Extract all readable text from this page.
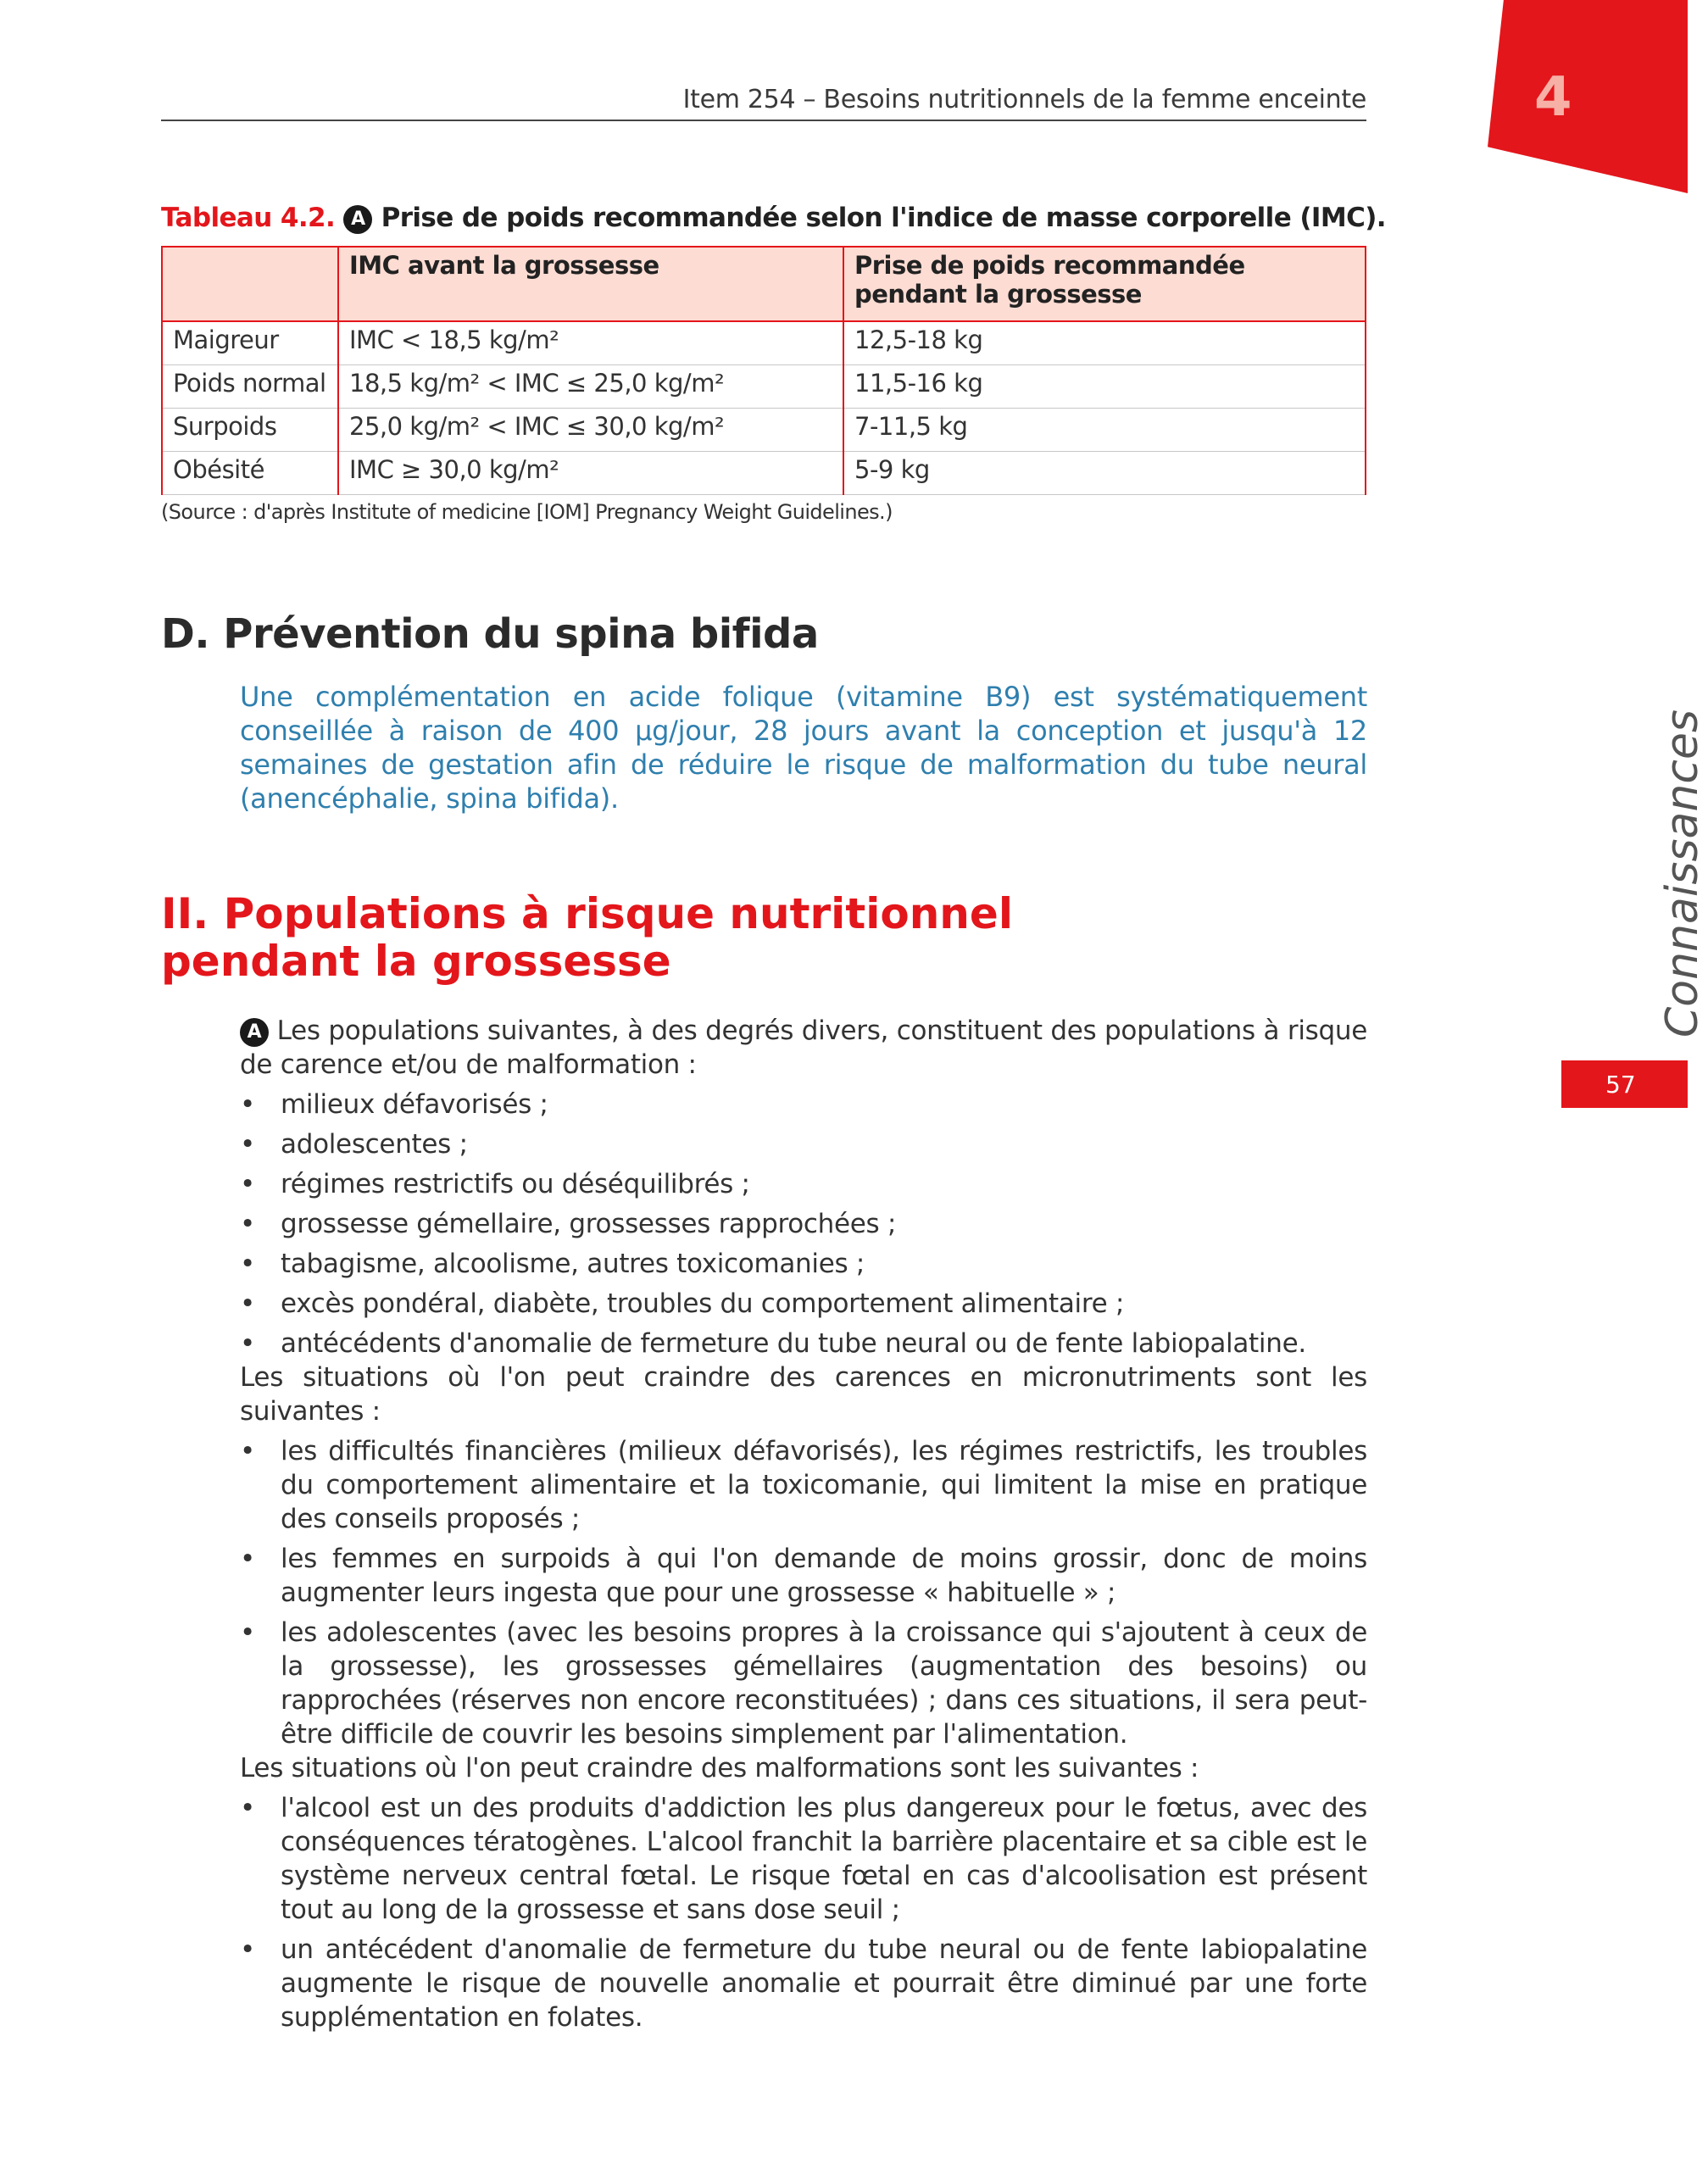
Item 254 – Besoins nutritionnels de la femme enceinte	4
Connaissances
57
Tableau 4.2. A Prise de poids recommandée selon l'indice de masse corporelle (IMC).
	IMC avant la grossesse	Prise de poids recommandée pendant la grossesse
Maigreur	IMC < 18,5 kg/m²	12,5-18 kg
Poids normal	18,5 kg/m² < IMC ≤ 25,0 kg/m²	11,5-16 kg
Surpoids	25,0 kg/m² < IMC ≤ 30,0 kg/m²	7-11,5 kg
Obésité	IMC ≥ 30,0 kg/m²	5-9 kg
(Source : d'après Institute of medicine [IOM] Pregnancy Weight Guidelines.)
D. Prévention du spina bifida
Une complémentation en acide folique (vitamine B9) est systématiquement conseillée à raison de 400 µg/jour, 28 jours avant la conception et jusqu'à 12 semaines de gestation afin de réduire le risque de malformation du tube neural (anencéphalie, spina bifida).
II. Populations à risque nutritionnel
pendant la grossesse

A Les populations suivantes, à des degrés divers, constituent des populations à risque de carence et/ou de malformation :

• milieux défavorisés ;
• adolescentes ;
• régimes restrictifs ou déséquilibrés ;
• grossesse gémellaire, grossesses rapprochées ;
• tabagisme, alcoolisme, autres toxicomanies ;
• excès pondéral, diabète, troubles du comportement alimentaire ;
• antécédents d'anomalie de fermeture du tube neural ou de fente labiopalatine.

Les situations où l'on peut craindre des carences en micronutriments sont les suivantes :

• les difficultés financières (milieux défavorisés), les régimes restrictifs, les troubles du comportement alimentaire et la toxicomanie, qui limitent la mise en pratique des conseils proposés ;
• les femmes en surpoids à qui l'on demande de moins grossir, donc de moins augmenter leurs ingesta que pour une grossesse « habituelle » ;
• les adolescentes (avec les besoins propres à la croissance qui s'ajoutent à ceux de la grossesse), les grossesses gémellaires (augmentation des besoins) ou rapprochées (réserves non encore reconstituées) ; dans ces situations, il sera peut-être difficile de couvrir les besoins simplement par l'alimentation.

Les situations où l'on peut craindre des malformations sont les suivantes :

• l'alcool est un des produits d'addiction les plus dangereux pour le fœtus, avec des conséquences tératogènes. L'alcool franchit la barrière placentaire et sa cible est le système nerveux central fœtal. Le risque fœtal en cas d'alcoolisation est présent tout au long de la grossesse et sans dose seuil ;
• un antécédent d'anomalie de fermeture du tube neural ou de fente labiopalatine augmente le risque de nouvelle anomalie et pourrait être diminué par une forte supplémentation en folates.
